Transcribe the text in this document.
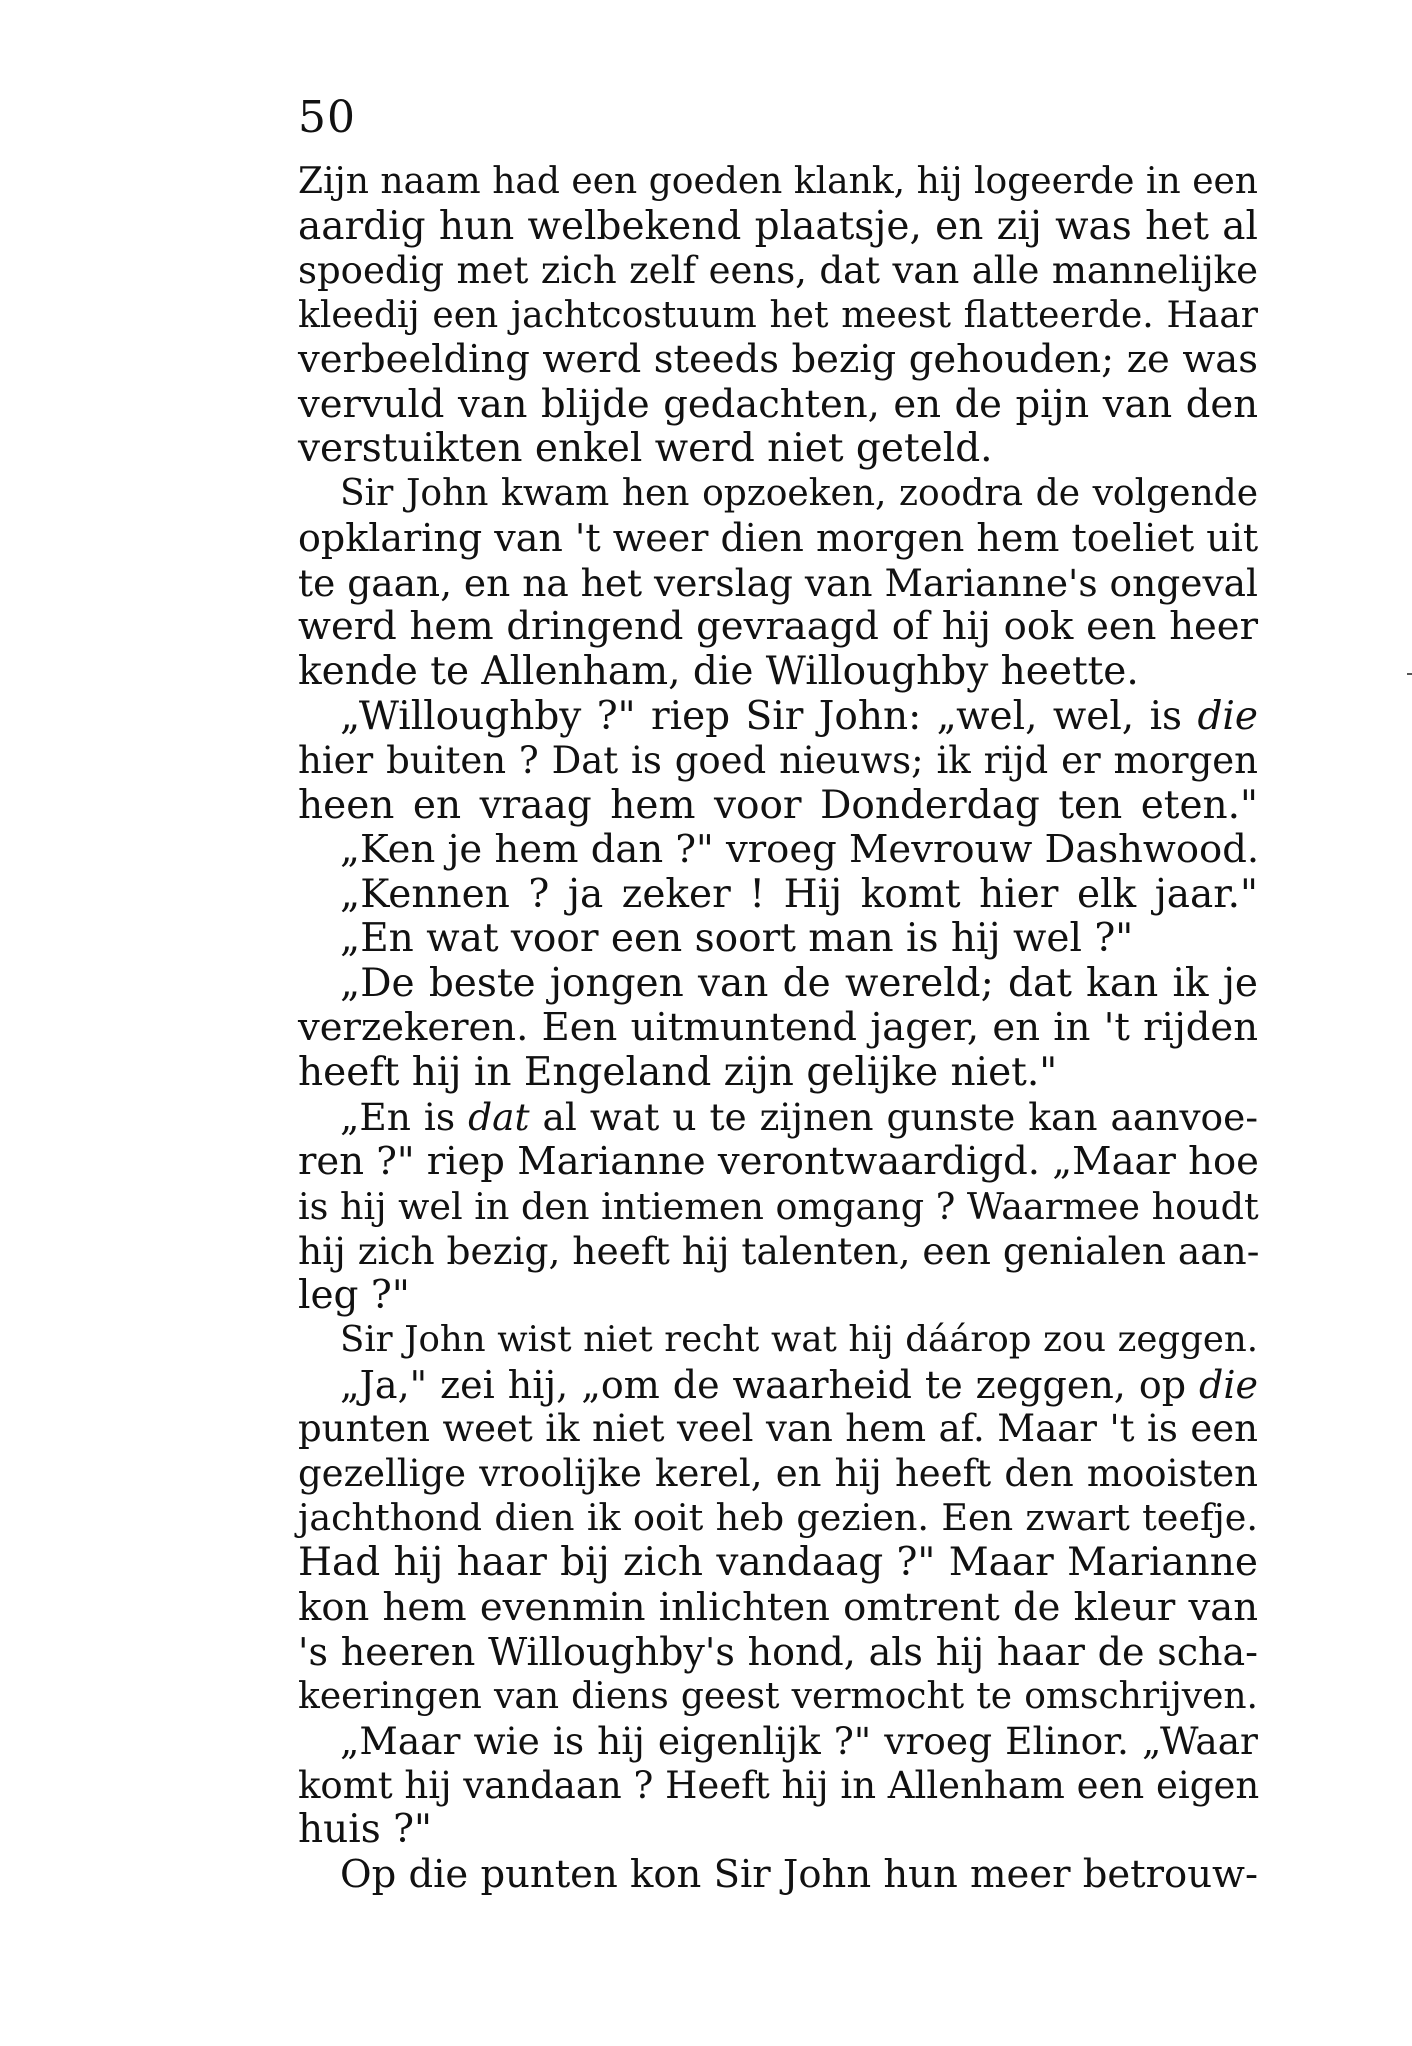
50
Zijn naam had een goeden klank, hij logeerde in een
aardig hun welbekend plaatsje, en zij was het al
spoedig met zich zelf eens, dat van alle mannelijke
kleedij een jachtcostuum het meest flatteerde. Haar
verbeelding werd steeds bezig gehouden; ze was
vervuld van blijde gedachten, en de pijn van den
verstuikten enkel werd niet geteld.
Sir John kwam hen opzoeken, zoodra de volgende
opklaring van 't weer dien morgen hem toeliet uit
te gaan, en na het verslag van Marianne's ongeval
werd hem dringend gevraagd of hij ook een heer
kende te Allenham, die Willoughby heette.
„Willoughby ?" riep Sir John: „wel, wel, is die
hier buiten ? Dat is goed nieuws; ik rijd er morgen
heen en vraag hem voor Donderdag ten eten."
„Ken je hem dan ?" vroeg Mevrouw Dashwood.
„Kennen ? ja zeker ! Hij komt hier elk jaar."
„En wat voor een soort man is hij wel ?"
„De beste jongen van de wereld; dat kan ik je
verzekeren. Een uitmuntend jager, en in 't rijden
heeft hij in Engeland zijn gelijke niet."
„En is dat al wat u te zijnen gunste kan aanvoe-
ren ?" riep Marianne verontwaardigd. „Maar hoe
is hij wel in den intiemen omgang ? Waarmee houdt
hij zich bezig, heeft hij talenten, een genialen aan-
leg ?"
Sir John wist niet recht wat hij dáárop zou zeggen.
„Ja," zei hij, „om de waarheid te zeggen, op die
punten weet ik niet veel van hem af. Maar 't is een
gezellige vroolijke kerel, en hij heeft den mooisten
jachthond dien ik ooit heb gezien. Een zwart teefje.
Had hij haar bij zich vandaag ?" Maar Marianne
kon hem evenmin inlichten omtrent de kleur van
's heeren Willoughby's hond, als hij haar de scha-
keeringen van diens geest vermocht te omschrijven.
„Maar wie is hij eigenlijk ?" vroeg Elinor. „Waar
komt hij vandaan ? Heeft hij in Allenham een eigen
huis ?"
Op die punten kon Sir John hun meer betrouw-
